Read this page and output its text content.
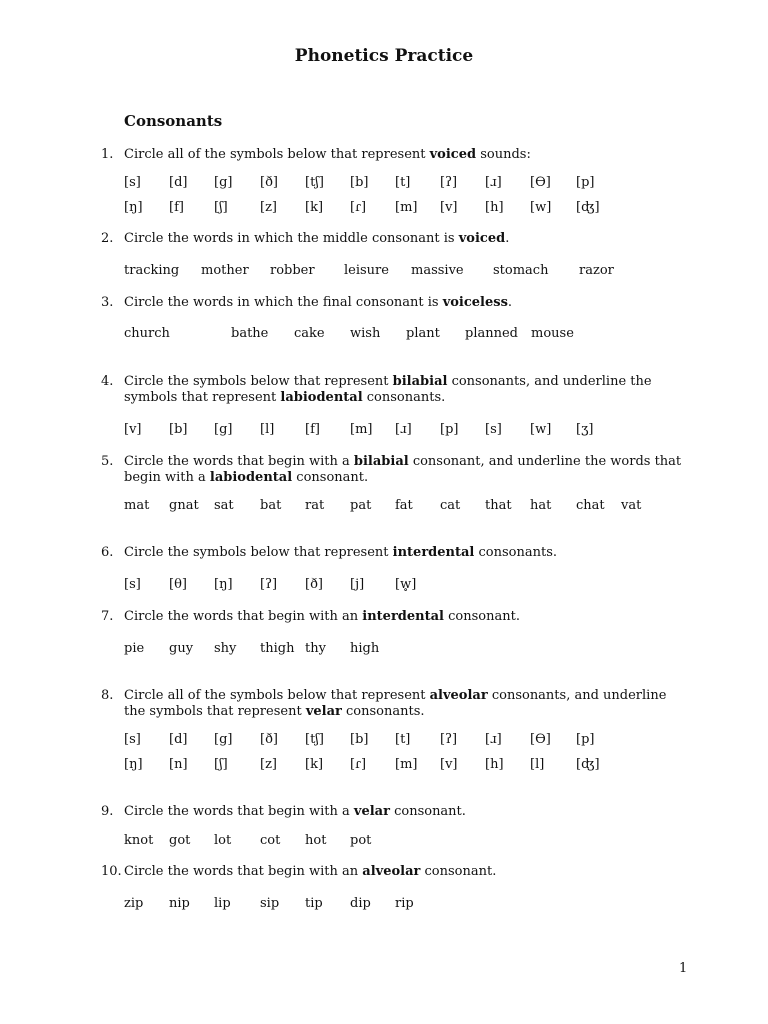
Phonetics Practice
Consonants
1. Circle all of the symbols below that represent voiced sounds:
[s] [d] [g] [ð] [tʃ] [b] [t] [ʔ] [ɹ] [ϴ] [p]
[ŋ] [f] [ʃ] [z] [k] [ɾ] [m] [v] [h] [w] [ʤ]
2. Circle the words in which the middle consonant is voiced.
tracking mother robber leisure massive stomach razor
3. Circle the words in which the final consonant is voiceless.
church	bathe cake wish plant planned mouse
4. Circle the symbols below that represent bilabial consonants, and underline the symbols that represent labiodental consonants.
[v] [b] [g] [l] [f] [m] [ɹ] [p] [s] [w] [ʒ]
5. Circle the words that begin with a bilabial consonant, and underline the words that begin with a labiodental consonant.
mat gnat sat bat rat pat fat cat that hat chat vat
6. Circle the symbols below that represent interdental consonants.
[s] [θ] [ŋ] [ʔ] [ð] [j] [w̥]
7. Circle the words that begin with an interdental consonant.
pie guy shy thigh thy high
8. Circle all of the symbols below that represent alveolar consonants, and underline the symbols that represent velar consonants.
[s] [d] [g] [ð] [tʃ] [b] [t] [ʔ] [ɹ] [ϴ] [p]
[ŋ] [n] [ʃ] [z] [k] [ɾ] [m] [v] [h] [l] [ʤ]
9. Circle the words that begin with a velar consonant.
knot got lot cot hot pot
10. Circle the words that begin with an alveolar consonant.
zip nip lip sip tip dip rip
1
